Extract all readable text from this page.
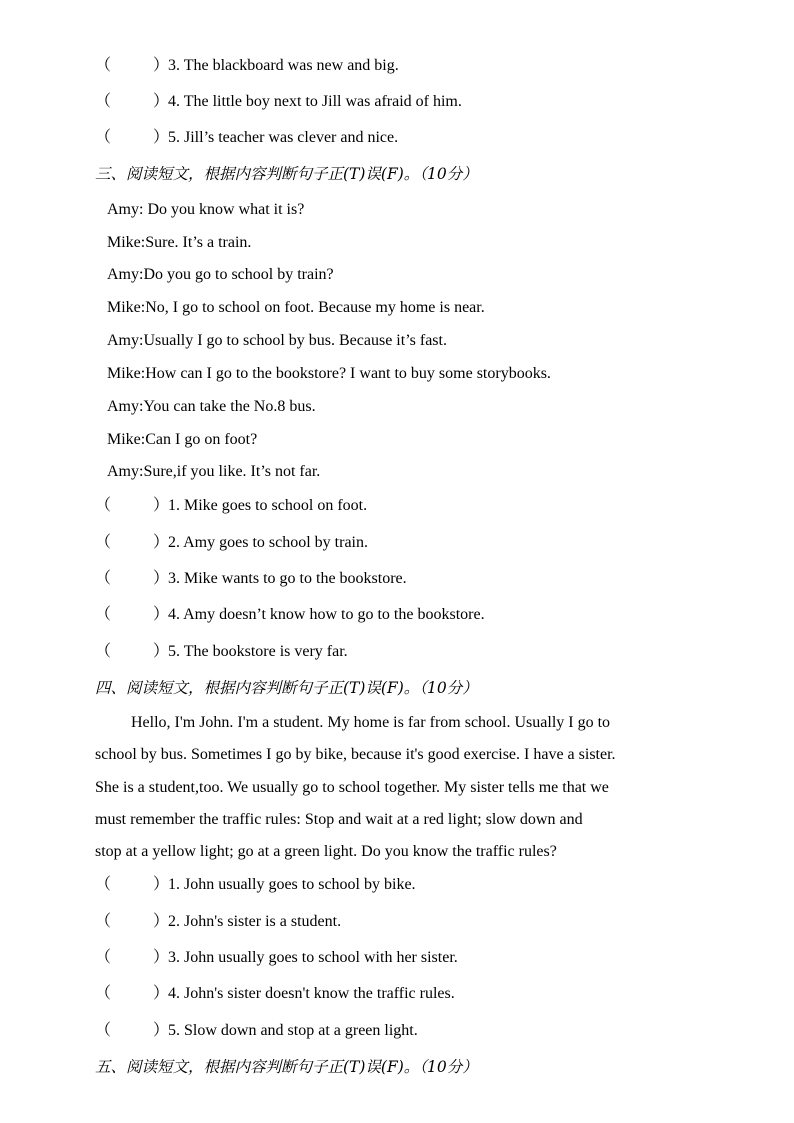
（	）3. The blackboard was new and big.
（	）4. The little boy next to Jill was afraid of him.
（	）5. Jill’s teacher was clever and nice.
三、阅读短文，根据内容判断句子正(T)误(F)。（10分）
Amy: Do you know what it is?
Mike:Sure. It’s a train.
Amy:Do you go to school by train?
Mike:No, I go to school on foot. Because my home is near.
Amy:Usually I go to school by bus. Because it’s fast.
Mike:How can I go to the bookstore? I want to buy some storybooks.
Amy:You can take the No.8 bus.
Mike:Can I go on foot?
Amy:Sure,if you like. It’s not far.
（	）1. Mike goes to school on foot.
（	）2. Amy goes to school by train.
（	）3. Mike wants to go to the bookstore.
（	）4. Amy doesn’t know how to go to the bookstore.
（	）5. The bookstore is very far.
四、阅读短文，根据内容判断句子正(T)误(F)。（10分）
Hello, I'm John. I'm a student. My home is far from school. Usually I go to
school by bus. Sometimes I go by bike, because it's good exercise. I have a sister.
She is a student,too. We usually go to school together. My sister tells me that we
must remember the traffic rules: Stop and wait at a red light; slow down and
stop at a yellow light; go at a green light. Do you know the traffic rules?
（	）1. John usually goes to school by bike.
（	）2. John's sister is a student.
（	）3. John usually goes to school with her sister.
（	）4. John's sister doesn't know the traffic rules.
（	）5. Slow down and stop at a green light.
五、阅读短文，根据内容判断句子正(T)误(F)。（10分）
